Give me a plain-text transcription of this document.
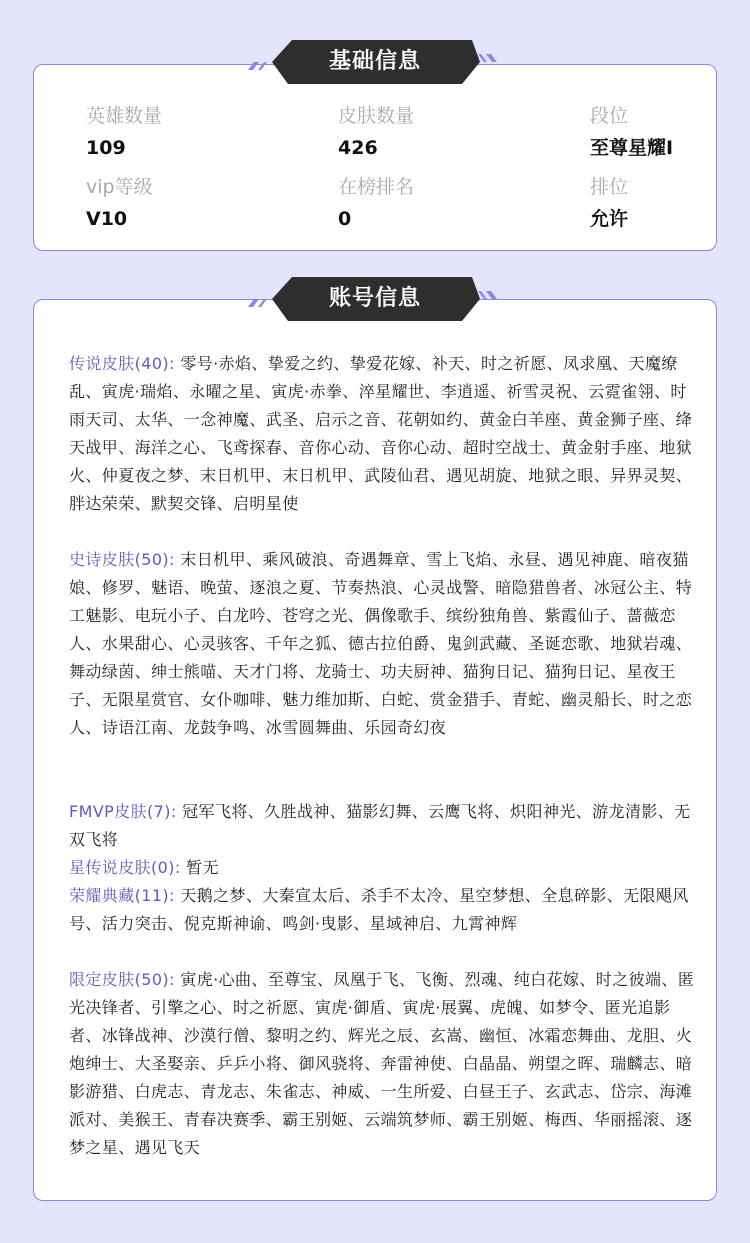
英雄数量
109
皮肤数量
426
段位
至尊星耀I
vip等级
V10
在榜排名
0
排位
允许
基础信息
传说皮肤(40): 零号·赤焰、挚爱之约、挚爱花嫁、补天、时之祈愿、凤求凰、天魔缭乱、寅虎·瑞焰、永曜之星、寅虎·赤拳、淬星耀世、李逍遥、祈雪灵祝、云霓雀翎、时雨天司、太华、一念神魔、武圣、启示之音、花朝如约、黄金白羊座、黄金狮子座、绛天战甲、海洋之心、飞鸢探春、音你心动、音你心动、超时空战士、黄金射手座、地狱火、仲夏夜之梦、末日机甲、末日机甲、武陵仙君、遇见胡旋、地狱之眼、异界灵契、胖达荣荣、默契交锋、启明星使
史诗皮肤(50): 末日机甲、乘风破浪、奇遇舞章、雪上飞焰、永昼、遇见神鹿、暗夜猫娘、修罗、魅语、晚萤、逐浪之夏、节奏热浪、心灵战警、暗隐猎兽者、冰冠公主、特工魅影、电玩小子、白龙吟、苍穹之光、偶像歌手、缤纷独角兽、紫霞仙子、蔷薇恋人、水果甜心、心灵骇客、千年之狐、德古拉伯爵、鬼剑武藏、圣诞恋歌、地狱岩魂、舞动绿茵、绅士熊喵、天才门将、龙骑士、功夫厨神、猫狗日记、猫狗日记、星夜王子、无限星赏官、女仆咖啡、魅力维加斯、白蛇、赏金猎手、青蛇、幽灵船长、时之恋人、诗语江南、龙鼓争鸣、冰雪圆舞曲、乐园奇幻夜
FMVP皮肤(7): 冠军飞将、久胜战神、猫影幻舞、云鹰飞将、炽阳神光、游龙清影、无双飞将
星传说皮肤(0): 暂无
荣耀典藏(11): 天鹅之梦、大秦宣太后、杀手不太冷、星空梦想、全息碎影、无限飓风号、活力突击、倪克斯神谕、鸣剑·曳影、星域神启、九霄神辉
限定皮肤(50): 寅虎·心曲、至尊宝、凤凰于飞、飞衡、烈魂、纯白花嫁、时之彼端、匿光决锋者、引擎之心、时之祈愿、寅虎·御盾、寅虎·展翼、虎魄、如梦令、匿光追影者、冰锋战神、沙漠行僧、黎明之约、辉光之辰、玄嵩、幽恒、冰霜恋舞曲、龙胆、火炮绅士、大圣娶亲、乒乒小将、御风骁将、奔雷神使、白晶晶、朔望之晖、瑞麟志、暗影游猎、白虎志、青龙志、朱雀志、神威、一生所爱、白昼王子、玄武志、岱宗、海滩派对、美猴王、青春决赛季、霸王别姬、云端筑梦师、霸王别姬、梅西、华丽摇滚、逐梦之星、遇见飞天
账号信息
